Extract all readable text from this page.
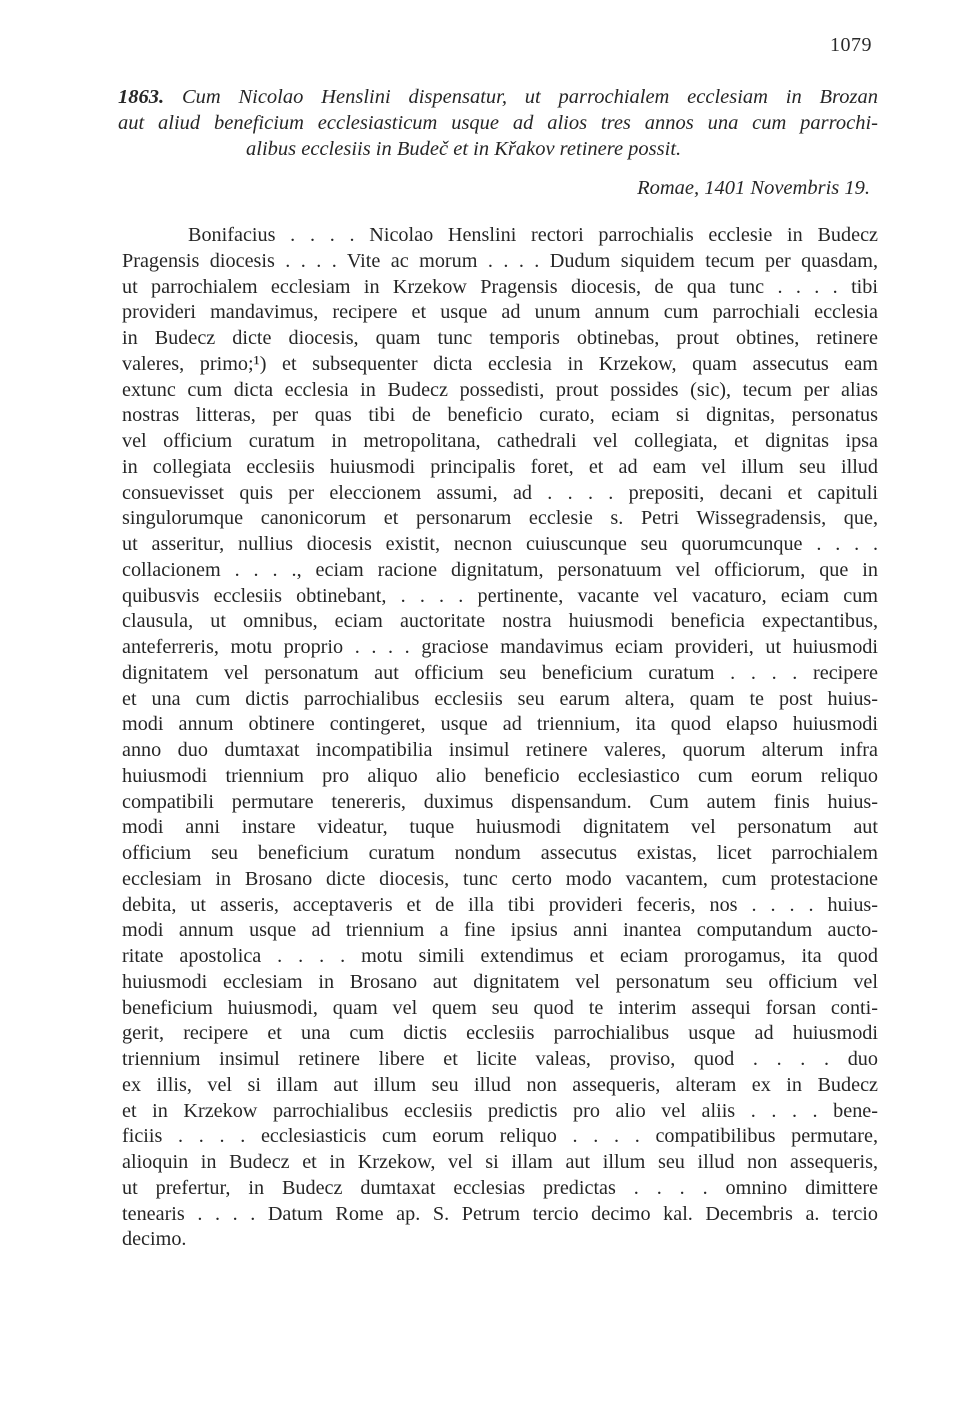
1079
1863. Cum Nicolao Henslini dispensatur, ut parrochialem ecclesiam in Brozan
aut aliud beneficium ecclesiasticum usque ad alios tres annos una cum parrochi-
alibus ecclesiis in Budeč et in Křakov retinere possit.
Romae, 1401 Novembris 19.
Bonifacius . . . . Nicolao Henslini rectori parrochialis ecclesie in Budecz
Pragensis diocesis . . . . Vite ac morum . . . . Dudum siquidem tecum per quasdam,
ut parrochialem ecclesiam in Krzekow Pragensis diocesis, de qua tunc . . . . tibi
provideri mandavimus, recipere et usque ad unum annum cum parrochiali ecclesia
in Budecz dicte diocesis, quam tunc temporis obtinebas, prout obtines, retinere
valeres, primo;¹) et subsequenter dicta ecclesia in Krzekow, quam assecutus eam
extunc cum dicta ecclesia in Budecz possedisti, prout possides (sic), tecum per alias
nostras litteras, per quas tibi de beneficio curato, eciam si dignitas, personatus
vel officium curatum in metropolitana, cathedrali vel collegiata, et dignitas ipsa
in collegiata ecclesiis huiusmodi principalis foret, et ad eam vel illum seu illud
consuevisset quis per eleccionem assumi, ad . . . . prepositi, decani et capituli
singulorumque canonicorum et personarum ecclesie s. Petri Wissegradensis, que,
ut asseritur, nullius diocesis existit, necnon cuiuscunque seu quorumcunque . . . .
collacionem . . . ., eciam racione dignitatum, personatuum vel officiorum, que in
quibusvis ecclesiis obtinebant, . . . . pertinente, vacante vel vacaturo, eciam cum
clausula, ut omnibus, eciam auctoritate nostra huiusmodi beneficia expectantibus,
anteferreris, motu proprio . . . . graciose mandavimus eciam provideri, ut huiusmodi
dignitatem vel personatum aut officium seu beneficium curatum . . . . recipere
et una cum dictis parrochialibus ecclesiis seu earum altera, quam te post huius-
modi annum obtinere contingeret, usque ad triennium, ita quod elapso huiusmodi
anno duo dumtaxat incompatibilia insimul retinere valeres, quorum alterum infra
huiusmodi triennium pro aliquo alio beneficio ecclesiastico cum eorum reliquo
compatibili permutare tenereris, duximus dispensandum. Cum autem finis huius-
modi anni instare videatur, tuque huiusmodi dignitatem vel personatum aut
officium seu beneficium curatum nondum assecutus existas, licet parrochialem
ecclesiam in Brosano dicte diocesis, tunc certo modo vacantem, cum protestacione
debita, ut asseris, acceptaveris et de illa tibi provideri feceris, nos . . . . huius-
modi annum usque ad triennium a fine ipsius anni inantea computandum aucto-
ritate apostolica . . . . motu simili extendimus et eciam prorogamus, ita quod
huiusmodi ecclesiam in Brosano aut dignitatem vel personatum seu officium vel
beneficium huiusmodi, quam vel quem seu quod te interim assequi forsan conti-
gerit, recipere et una cum dictis ecclesiis parrochialibus usque ad huiusmodi
triennium insimul retinere libere et licite valeas, proviso, quod . . . . duo
ex illis, vel si illam aut illum seu illud non assequeris, alteram ex in Budecz
et in Krzekow parrochialibus ecclesiis predictis pro alio vel aliis . . . . bene-
ficiis . . . . ecclesiasticis cum eorum reliquo . . . . compatibilibus permutare,
alioquin in Budecz et in Krzekow, vel si illam aut illum seu illud non assequeris,
ut prefertur, in Budecz dumtaxat ecclesias predictas . . . . omnino dimittere
tenearis . . . . Datum Rome ap. S. Petrum tercio decimo kal. Decembris a. tercio
decimo.
